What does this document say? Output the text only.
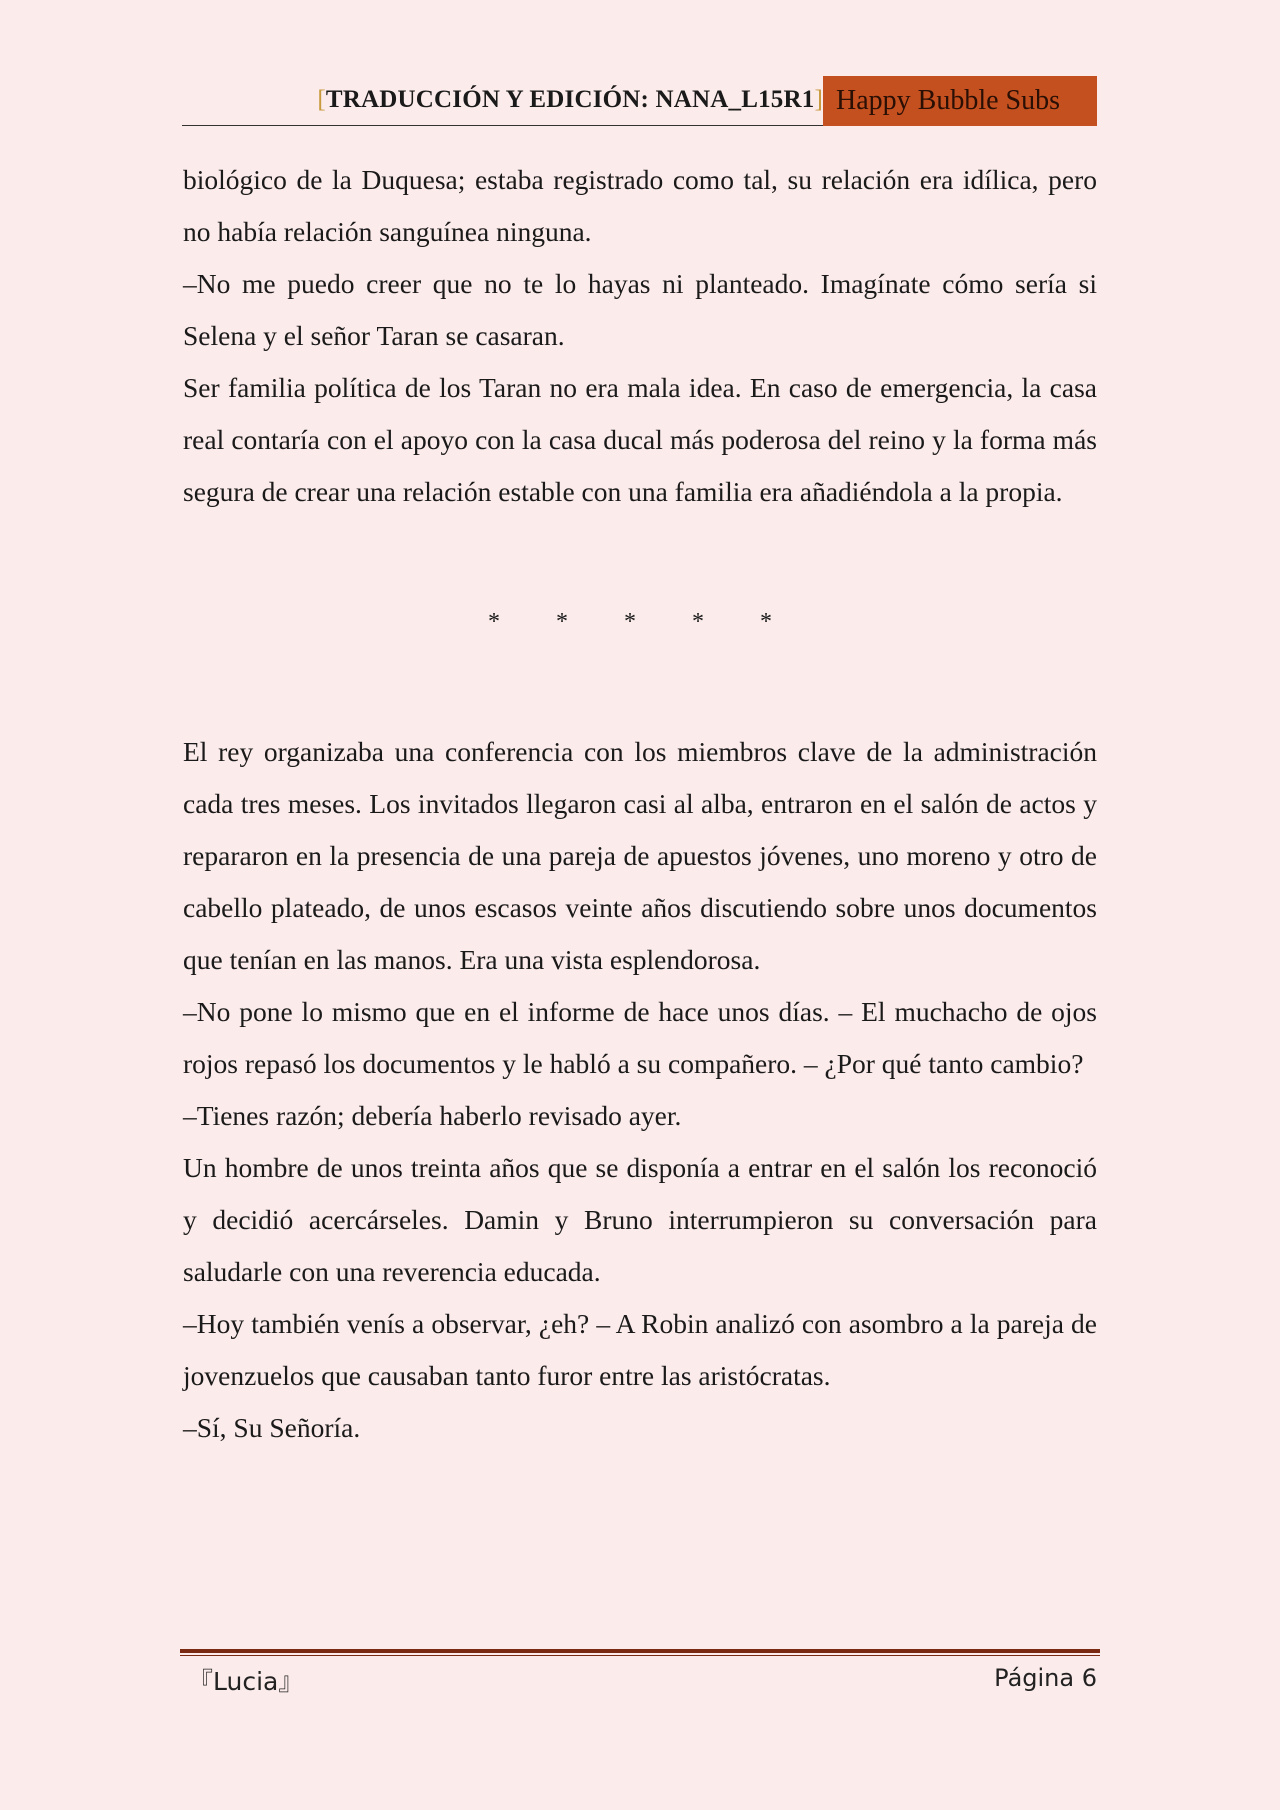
[TRADUCCIÓN Y EDICIÓN: NANA_L15R1] Happy Bubble Subs

biológico de la Duquesa; estaba registrado como tal, su relación era idílica, pero no había relación sanguínea ninguna.

–No me puedo creer que no te lo hayas ni planteado. Imagínate cómo sería si Selena y el señor Taran se casaran.

Ser familia política de los Taran no era mala idea. En caso de emergencia, la casa real contaría con el apoyo con la casa ducal más poderosa del reino y la forma más segura de crear una relación estable con una familia era añadiéndola a la propia.

* * * * *

El rey organizaba una conferencia con los miembros clave de la administración cada tres meses. Los invitados llegaron casi al alba, entraron en el salón de actos y repararon en la presencia de una pareja de apuestos jóvenes, uno moreno y otro de cabello plateado, de unos escasos veinte años discutiendo sobre unos documentos que tenían en las manos. Era una vista esplendorosa.

–No pone lo mismo que en el informe de hace unos días. – El muchacho de ojos rojos repasó los documentos y le habló a su compañero. – ¿Por qué tanto cambio?

–Tienes razón; debería haberlo revisado ayer.

Un hombre de unos treinta años que se disponía a entrar en el salón los reconoció y decidió acercárseles. Damin y Bruno interrumpieron su conversación para saludarle con una reverencia educada.

–Hoy también venís a observar, ¿eh? – A Robin analizó con asombro a la pareja de jovenzuelos que causaban tanto furor entre las aristócratas.

–Sí, Su Señoría.

『Lucia』	Página 6
